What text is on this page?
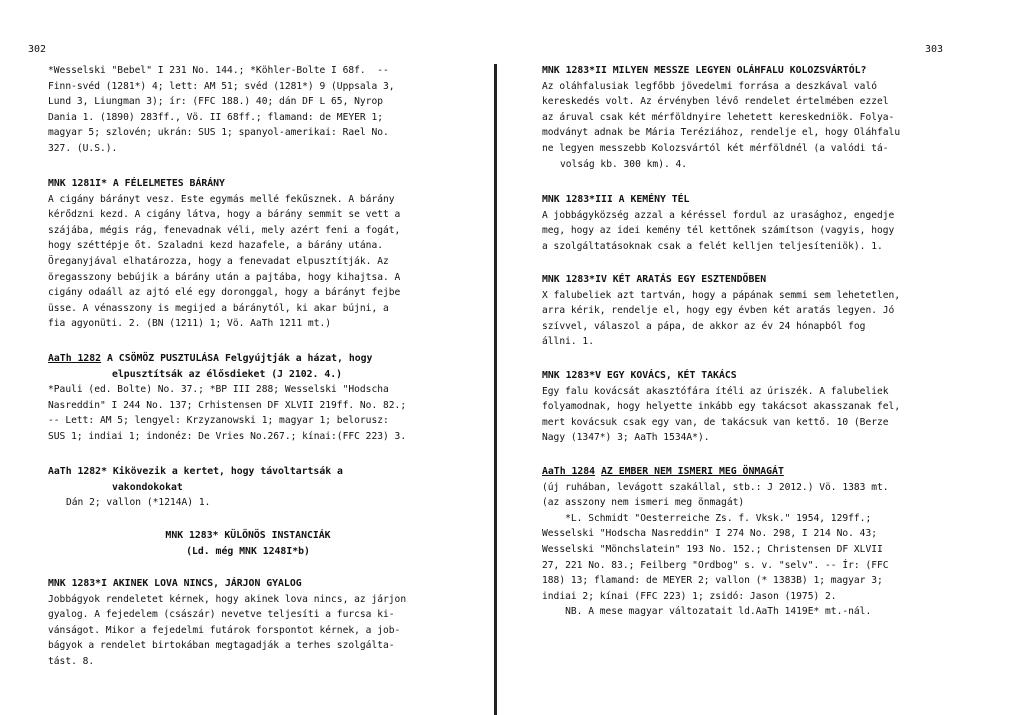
302	303
*Wesselski "Bebel" I 231 No. 144.; *Köhler-Bolte I 68f.  --
Finn-svéd (1281*) 4; lett: AM 51; svéd (1281*) 9 (Uppsala 3,
Lund 3, Liungman 3); ír: (FFC 188.) 40; dán DF L 65, Nyrop
Dania 1. (1890) 283ff., Vö. II 68ff.; flamand: de MEYER 1;
magyar 5; szlovén; ukrán: SUS 1; spanyol-amerikai: Rael No.
327. (U.S.).
MNK 1281I* A FÉLELMETES BÁRÁNY
A cigány bárányt vesz. Este egymás mellé fekűsznek. A bárány
kérődzni kezd. A cigány látva, hogy a bárány semmit se vett a
szájába, mégis rág, fenevadnak véli, mely azért feni a fogát,
hogy széttépje őt. Szaladni kezd hazafele, a bárány utána.
Öreganyjával elhatározza, hogy a fenevadat elpusztítják. Az
öregasszony bebújik a bárány után a pajtába, hogy kihajtsa. A
cigány odaáll az ajtó elé egy doronggal, hogy a bárányt fejbe
üsse. A vénasszony is megijed a báránytól, ki akar bújni, a
fia agyonüti. 2. (BN (1211) 1; Vö. AaTh 1211 mt.)
AaTh 1282 A CSÖMÖZ PUSZTULÁSA Felgyújtják a házat, hogy
elpusztítsák az élősdieket (J 2102. 4.)
*Pauli (ed. Bolte) No. 37.; *BP III 288; Wesselski "Hodscha
Nasreddin" I 244 No. 137; Crhistensen DF XLVII 219ff. No. 82.;
-- Lett: AM 5; lengyel: Krzyzanowski 1; magyar 1; belorusz:
SUS 1; indiai 1; indonéz: De Vries No.267.; kínai:(FFC 223) 3.
AaTh 1282* Kikövezik a kertet, hogy távoltartsák a
vakondokokat
Dán 2; vallon (*1214A) 1.
MNK 1283* KÜLÖNÖS INSTANCIÁK
(Ld. még MNK 1248I*b)
MNK 1283*I AKINEK LOVA NINCS, JÁRJON GYALOG
Jobbágyok rendeletet kérnek, hogy akinek lova nincs, az járjon
gyalog. A fejedelem (császár) nevetve teljesíti a furcsa ki-
vánságot. Mikor a fejedelmi futárok forspontot kérnek, a job-
bágyok a rendelet birtokában megtagadják a terhes szolgálta-
tást. 8.
MNK 1283*II MILYEN MESSZE LEGYEN OLÁHFALU KOLOZSVÁRTÓL?
Az oláhfalusiak legfőbb jövedelmi forrása a deszkával való
kereskedés volt. Az érvényben lévő rendelet értelmében ezzel
az áruval csak két mérföldnyire lehetett kereskedniök. Folya-
modványt adnak be Mária Teréziához, rendelje el, hogy Oláhfalu
ne legyen messzebb Kolozsvártól két mérföldnél (a valódi tá-
volság kb. 300 km). 4.
MNK 1283*III A KEMÉNY TÉL
A jobbágyközség azzal a kéréssel fordul az urasághoz, engedje
meg, hogy az idei kemény tél kettőnek számítson (vagyis, hogy
a szolgáltatásoknak csak a felét kelljen teljesíteniök). 1.
MNK 1283*IV KÉT ARATÁS EGY ESZTENDŐBEN
X falubeliek azt tartván, hogy a pápának semmi sem lehetetlen,
arra kérik, rendelje el, hogy egy évben két aratás legyen. Jó
szívvel, válaszol a pápa, de akkor az év 24 hónapból fog
állni. 1.
MNK 1283*V EGY KOVÁCS, KÉT TAKÁCS
Egy falu kovácsát akasztófára ítéli az úriszék. A falubeliek
folyamodnak, hogy helyette inkább egy takácsot akasszanak fel,
mert kovácsuk csak egy van, de takácsuk van kettő. 10 (Berze
Nagy (1347*) 3; AaTh 1534A*).
AaTh 1284 AZ EMBER NEM ISMERI MEG ÖNMAGÁT
(új ruhában, levágott szakállal, stb.: J 2012.) Vö. 1383 mt.
(az asszony nem ismeri meg önmagát)
*L. Schmidt "Oesterreiche Zs. f. Vksk." 1954, 129ff.;
Wesselski "Hodscha Nasreddin" I 274 No. 298, I 214 No. 43;
Wesselski "Mönchslatein" 193 No. 152.; Christensen DF XLVII
27, 221 No. 83.; Feilberg "Ordbog" s. v. "selv". -- Ír: (FFC
188) 13; flamand: de MEYER 2; vallon (* 1383B) 1; magyar 3;
indiai 2; kínai (FFC 223) 1; zsidó: Jason (1975) 2.
NB. A mese magyar változatait ld.AaTh 1419E* mt.-nál.
